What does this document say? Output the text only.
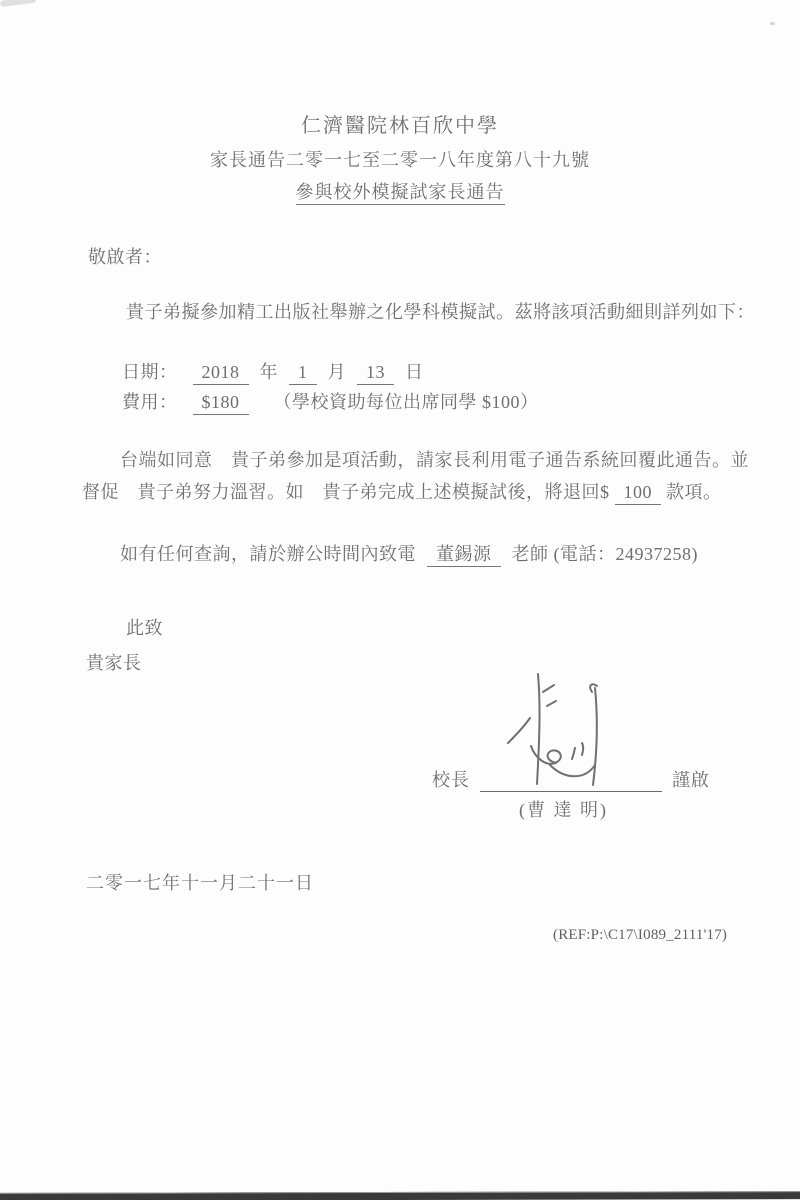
仁濟醫院林百欣中學
家長通告二零一七至二零一八年度第八十九號
參與校外模擬試家長通告
敬啟者：
貴子弟擬參加精工出版社舉辦之化學科模擬試。茲將該項活動細則詳列如下：
日期： 2018 年 1 月 13 日
費用： $180 （學校資助每位出席同學 $100）
台端如同意　貴子弟參加是項活動，請家長利用電子通告系統回覆此通告。並
督促　貴子弟努力溫習。如　貴子弟完成上述模擬試後，將退回$ 100 款項。
如有任何查詢，請於辦公時間內致電 董錫源 老師 (電話：24937258)
此致
貴家長
校長	謹啟
(曹 達 明)
二零一七年十一月二十一日
(REF:P:\C17\I089_2111'17)
